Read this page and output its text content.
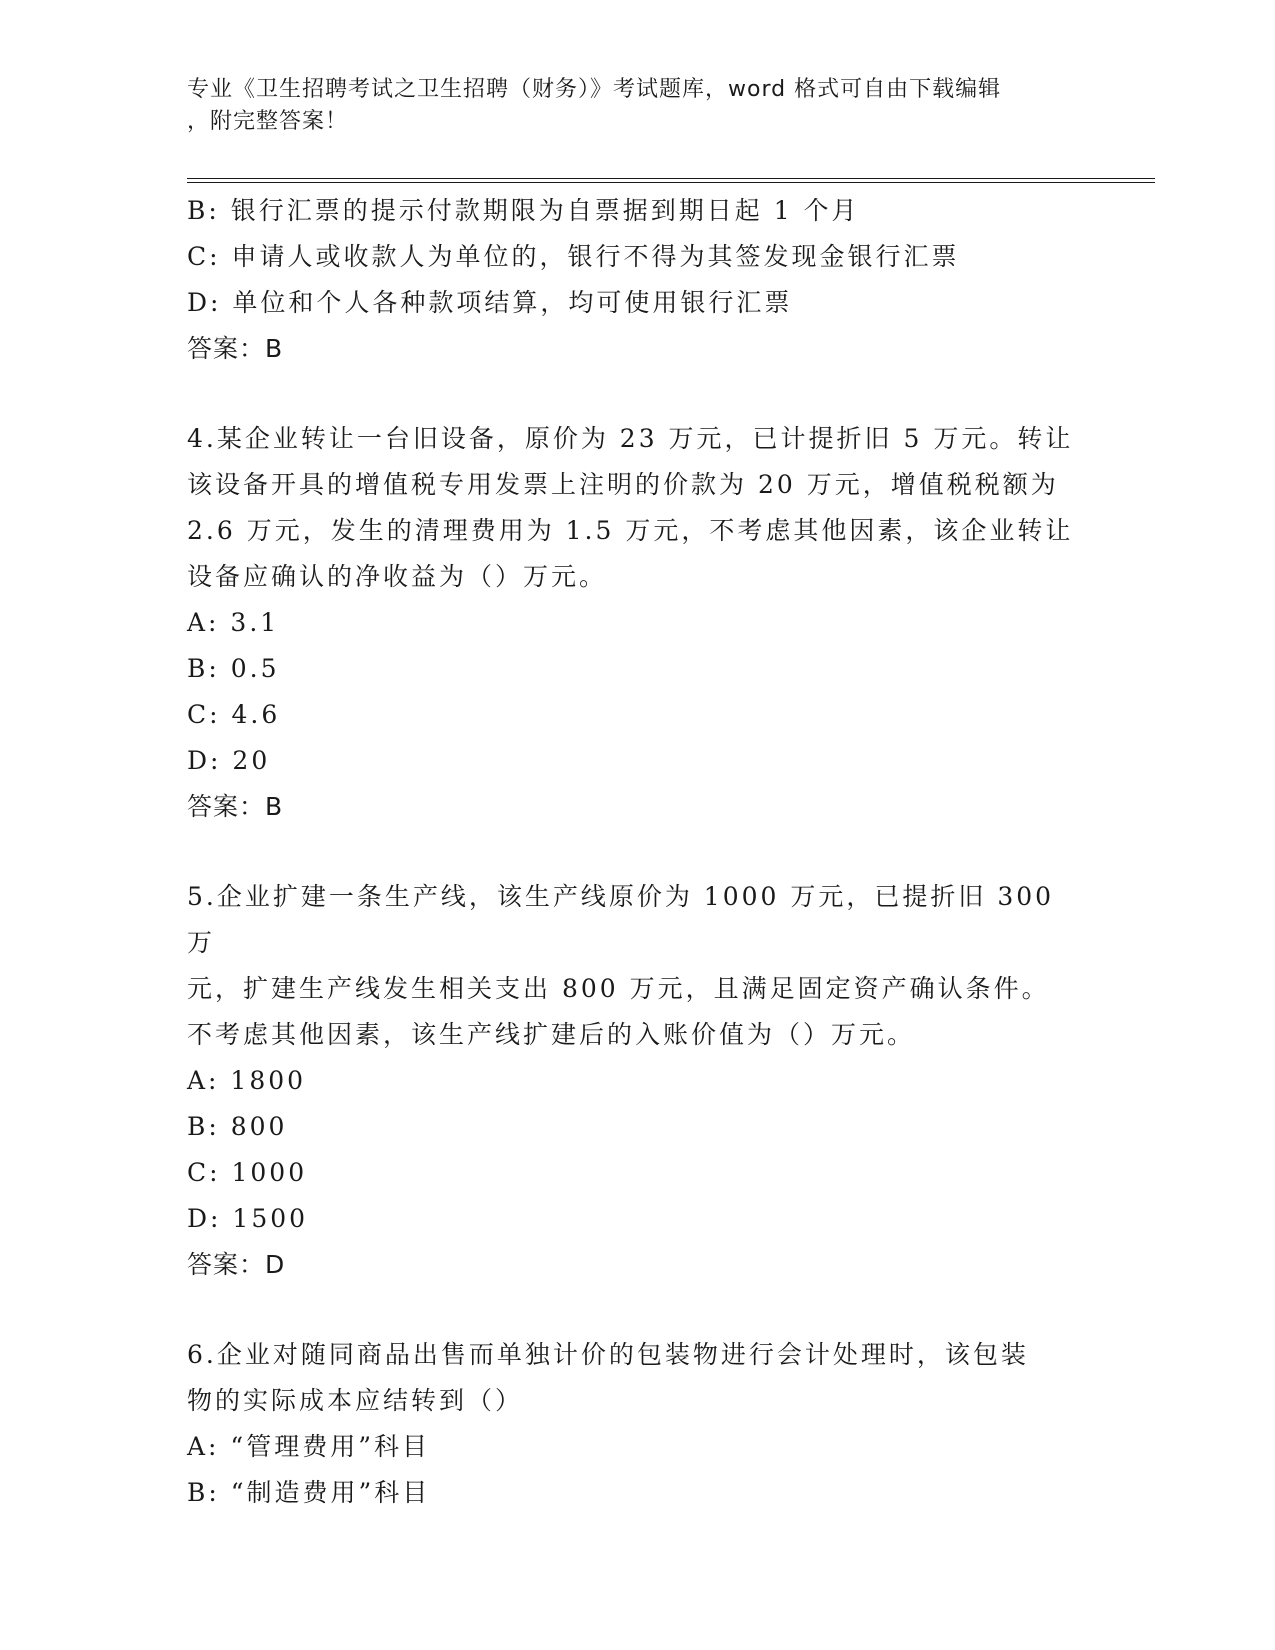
专业《卫生招聘考试之卫生招聘（财务）》考试题库，word 格式可自由下载编辑
，附完整答案！

B: 银行汇票的提示付款期限为自票据到期日起 1 个月

C: 申请人或收款人为单位的，银行不得为其签发现金银行汇票

D: 单位和个人各种款项结算，均可使用银行汇票

答案：B

4.某企业转让一台旧设备，原价为 23 万元，已计提折旧 5 万元。转让

该设备开具的增值税专用发票上注明的价款为 20 万元，增值税税额为

2.6 万元，发生的清理费用为 1.5 万元，不考虑其他因素，该企业转让

设备应确认的净收益为（）万元。

A: 3.1

B: 0.5

C: 4.6

D: 20

答案：B

5.企业扩建一条生产线，该生产线原价为 1000 万元，已提折旧 300 万

元，扩建生产线发生相关支出 800 万元，且满足固定资产确认条件。

不考虑其他因素，该生产线扩建后的入账价值为（）万元。

A: 1800

B: 800

C: 1000

D: 1500

答案：D

6.企业对随同商品出售而单独计价的包装物进行会计处理时，该包装

物的实际成本应结转到（）

A: “管理费用”科目

B: “制造费用”科目
